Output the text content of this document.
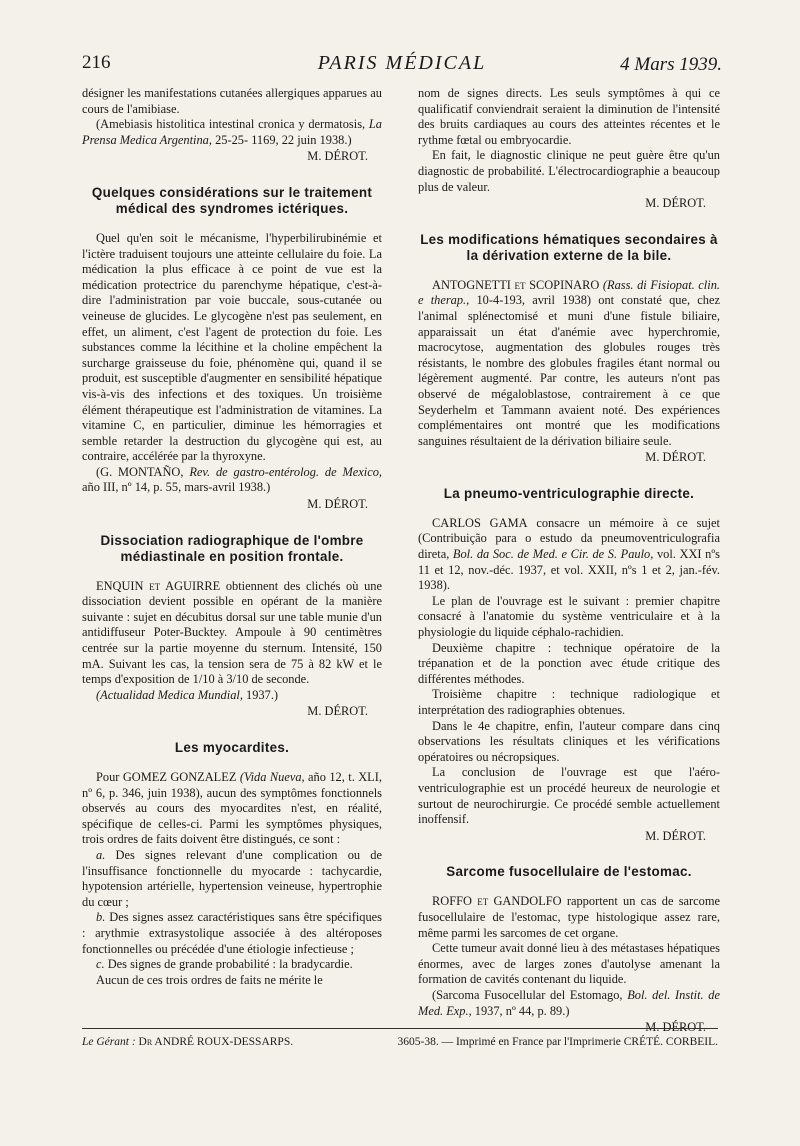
216	PARIS MÉDICAL	4 Mars 1939.

désigner les manifestations cutanées allergiques apparues au cours de l'amibiase.

(Amebiasis histolitica intestinal cronica y dermatosis, La Prensa Medica Argentina, 25-25- 1169, 22 juin 1938.)

M. DÉROT.
Quelques considérations sur le traitement médical des syndromes ictériques.

Quel qu'en soit le mécanisme, l'hyperbilirubinémie et l'ictère traduisent toujours une atteinte cellulaire du foie. La médication la plus efficace à ce point de vue est la médication protectrice du parenchyme hépatique, c'est-à-dire l'administration par voie buccale, sous-cutanée ou veineuse de glucides. Le glycogène n'est pas seulement, en effet, un aliment, c'est l'agent de protection du foie. Les substances comme la lécithine et la choline empêchent la surcharge graisseuse du foie, phénomène qui, quand il se produit, est susceptible d'augmenter en sensibilité hépatique vis-à-vis des infections et des toxiques. Un troisième élément thérapeutique est l'administration de vitamines. La vitamine C, en particulier, diminue les hémorragies et semble retarder la destruction du glycogène qui est, au contraire, accélérée par la thyroxyne.

(G. MONTAÑO, Rev. de gastro-entérolog. de Mexico, año III, nº 14, p. 55, mars-avril 1938.)

M. DÉROT.
Dissociation radiographique de l'ombre médiastinale en position frontale.

ENQUIN et AGUIRRE obtiennent des clichés où une dissociation devient possible en opérant de la manière suivante : sujet en décubitus dorsal sur une table munie d'un antidiffuseur Poter-Bucktey. Ampoule à 90 centimètres centrée sur la partie moyenne du sternum. Intensité, 150 mA. Suivant les cas, la tension sera de 75 à 82 kW et le temps d'exposition de 1/10 à 3/10 de seconde.

(Actualidad Medica Mundial, 1937.)

M. DÉROT.
Les myocardites.

Pour GOMEZ GONZALEZ (Vida Nueva, año 12, t. XLI, nº 6, p. 346, juin 1938), aucun des symptômes fonctionnels observés au cours des myocardites n'est, en réalité, spécifique de celles-ci. Parmi les symptômes physiques, trois ordres de faits doivent être distingués, ce sont :

a. Des signes relevant d'une complication ou de l'insuffisance fonctionnelle du myocarde : tachycardie, hypotension artérielle, hypertension veineuse, hypertrophie du cœur ;

b. Des signes assez caractéristiques sans être spécifiques : arythmie extrasystolique associée à des altéroposes fonctionnelles ou précédée d'une étiologie infectieuse ;

c. Des signes de grande probabilité : la bradycardie.

Aucun de ces trois ordres de faits ne mérite le

nom de signes directs. Les seuls symptômes à qui ce qualificatif conviendrait seraient la diminution de l'intensité des bruits cardiaques au cours des atteintes récentes et le rythme fœtal ou embryocardie.

En fait, le diagnostic clinique ne peut guère être qu'un diagnostic de probabilité. L'électrocardiographie a beaucoup plus de valeur.

M. DÉROT.
Les modifications hématiques secondaires à la dérivation externe de la bile.

ANTOGNETTI et SCOPINARO (Rass. di Fisiopat. clin. e therap., 10-4-193, avril 1938) ont constaté que, chez l'animal splénectomisé et muni d'une fistule biliaire, apparaissait un état d'anémie avec hyperchromie, macrocytose, augmentation des globules rouges très résistants, le nombre des globules fragiles étant normal ou légèrement augmenté. Par contre, les auteurs n'ont pas observé de mégaloblastose, contrairement à ce que Seyderhelm et Tammann avaient noté. Des expériences complémentaires ont montré que les modifications sanguines résultaient de la dérivation biliaire seule.

M. DÉROT.
La pneumo-ventriculographie directe.

CARLOS GAMA consacre un mémoire à ce sujet (Contribuição para o estudo da pneumoventriculografia direta, Bol. da Soc. de Med. e Cir. de S. Paulo, vol. XXI nºs 11 et 12, nov.-déc. 1937, et vol. XXII, nºs 1 et 2, jan.-fév. 1938).

Le plan de l'ouvrage est le suivant : premier chapitre consacré à l'anatomie du système ventriculaire et à la physiologie du liquide céphalo-rachidien.

Deuxième chapitre : technique opératoire de la trépanation et de la ponction avec étude critique des différentes méthodes.

Troisième chapitre : technique radiologique et interprétation des radiographies obtenues.

Dans le 4e chapitre, enfin, l'auteur compare dans cinq observations les résultats cliniques et les vérifications opératoires ou nécropsiques.

La conclusion de l'ouvrage est que l'aéro-ventriculographie est un procédé heureux de neurologie et surtout de neurochirurgie. Ce procédé semble actuellement inoffensif.

M. DÉROT.
Sarcome fusocellulaire de l'estomac.

ROFFO et GANDOLFO rapportent un cas de sarcome fusocellulaire de l'estomac, type histologique assez rare, même parmi les sarcomes de cet organe.

Cette tumeur avait donné lieu à des métastases hépatiques énormes, avec de larges zones d'autolyse amenant la formation de cavités contenant du liquide.

(Sarcoma Fusocellular del Estomago, Bol. del. Instit. de Med. Exp., 1937, nº 44, p. 89.)

M. DÉROT.
Le Gérant : Dr ANDRÉ ROUX-DESSARPS.	3605-38. — Imprimé en France par l'Imprimerie CRÉTÉ. CORBEIL.
